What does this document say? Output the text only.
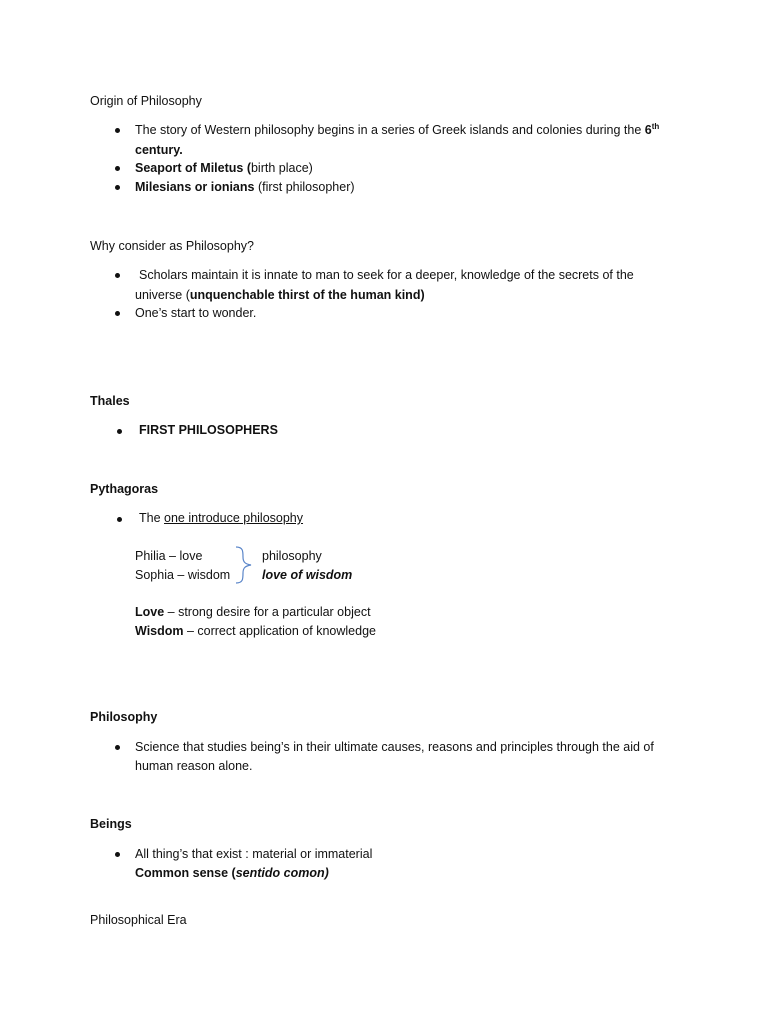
Origin of Philosophy
The story of Western philosophy begins in a series of Greek islands and colonies during the 6th
century.
Seaport of Miletus (birth place)
Milesians or ionians (first philosopher)
Why consider as Philosophy?
Scholars maintain it is innate to man to seek for a deeper, knowledge of the secrets of the
universe (unquenchable thirst of the human kind)
One’s start to wonder.
Thales
FIRST PHILOSOPHERS
Pythagoras
The one introduce philosophy
Philia – love
Sophia – wisdom
philosophy
love of wisdom
Love – strong desire for a particular object
Wisdom – correct application of knowledge
Philosophy
Science that studies being’s in their ultimate causes, reasons and principles through the aid of
human reason alone.
Beings
All thing’s that exist : material or immaterial
Common sense (sentido comon)
Philosophical Era
